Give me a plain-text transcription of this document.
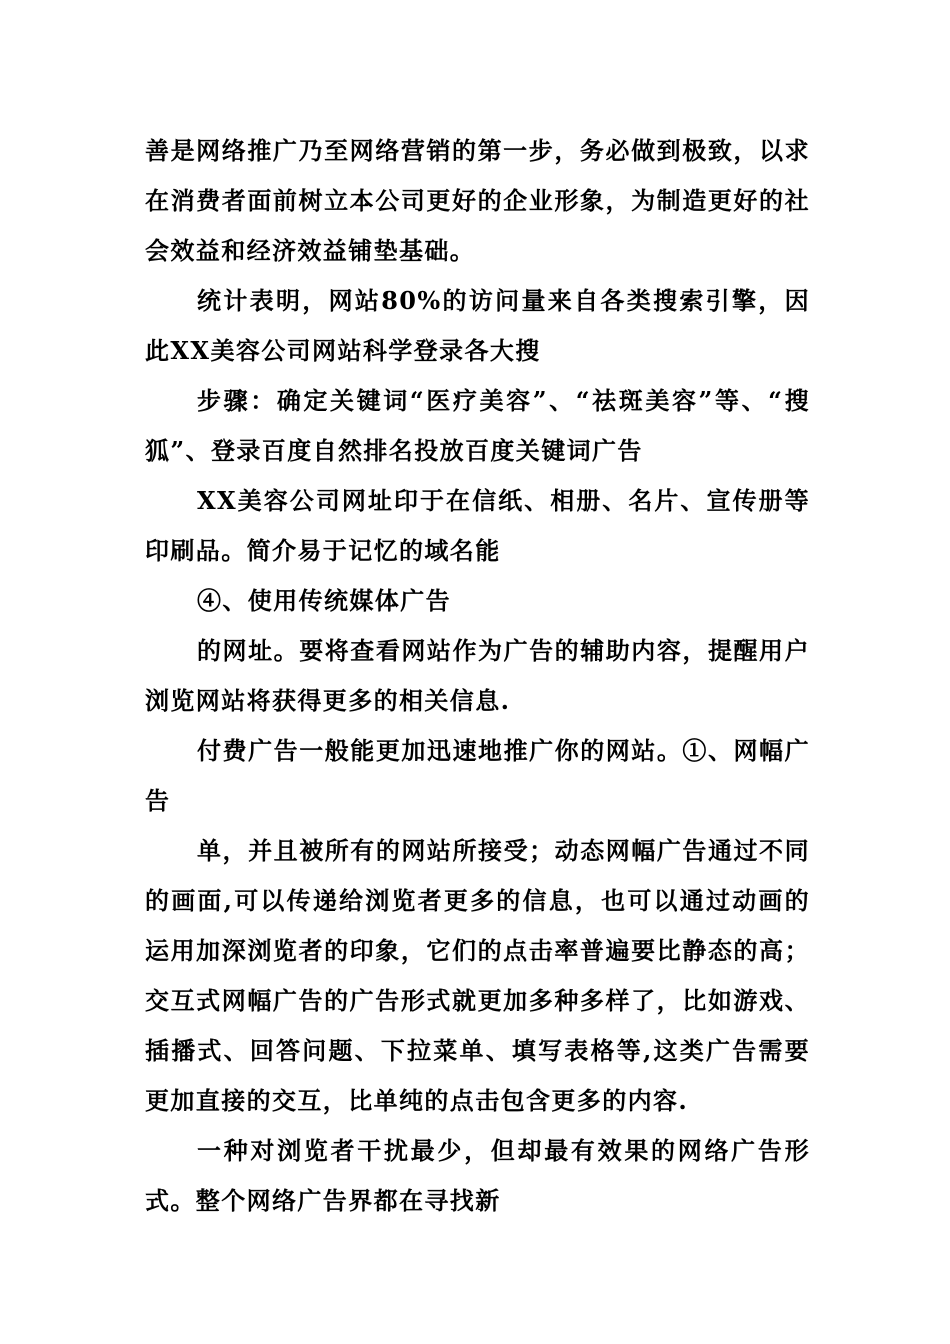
善是网络推广乃至网络营销的第一步，务必做到极致，以求在消费者面前树立本公司更好的企业形象，为制造更好的社会效益和经济效益铺垫基础。

统计表明，网站80%的访问量来自各类搜索引擎，因此XX美容公司网站科学登录各大搜

步骤：确定关键词“医疗美容”、“祛斑美容”等、“搜狐”、登录百度自然排名投放百度关键词广告

XX美容公司网址印于在信纸、相册、名片、宣传册等印刷品。简介易于记忆的域名能

④、使用传统媒体广告

的网址。要将查看网站作为广告的辅助内容，提醒用户浏览网站将获得更多的相关信息.

付费广告一般能更加迅速地推广你的网站。①、网幅广告

单，并且被所有的网站所接受；动态网幅广告通过不同的画面,可以传递给浏览者更多的信息，也可以通过动画的运用加深浏览者的印象，它们的点击率普遍要比静态的高；交互式网幅广告的广告形式就更加多种多样了，比如游戏、插播式、回答问题、下拉菜单、填写表格等,这类广告需要更加直接的交互，比单纯的点击包含更多的内容.

一种对浏览者干扰最少，但却最有效果的网络广告形式。整个网络广告界都在寻找新
